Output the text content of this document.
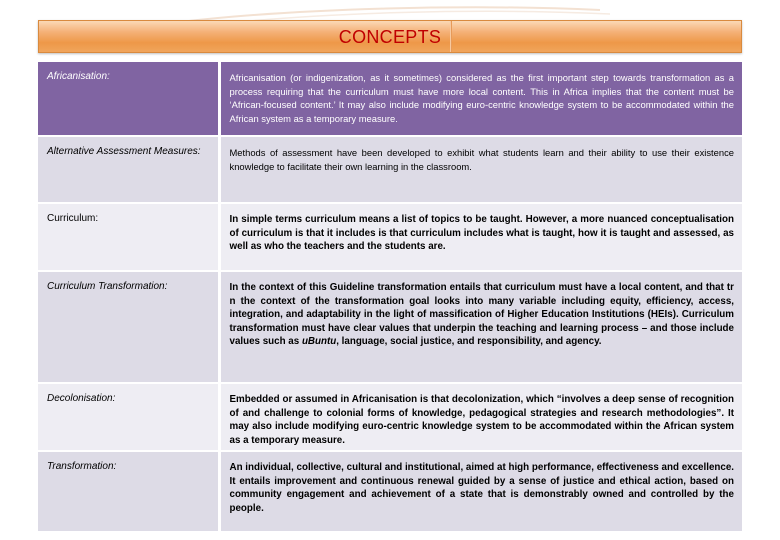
CONCEPTS
Africanisation:	Africanisation (or indigenization, as it sometimes) considered as the first important step towards transformation as a process requiring that the curriculum must have more local content. This in Africa implies that the content must be ‘African-focused content.’ It may also include modifying euro-centric knowledge system to be accommodated within the African system as a temporary measure.

Alternative Assessment Measures:	Methods of assessment have been developed to exhibit what students learn and their ability to use their existence knowledge to facilitate their own learning in the classroom.

Curriculum:	In simple terms curriculum means a list of topics to be taught. However, a more nuanced conceptualisation of curriculum is that it includes is that curriculum includes what is taught, how it is taught and assessed, as well as who the teachers and the students are.

Curriculum Transformation:	In the context of this Guideline transformation entails that curriculum must have a local content, and that tr n the context of the transformation goal looks into many variable including equity, efficiency, access, integration, and adaptability in the light of massification of Higher Education Institutions (HEIs). Curriculum transformation must have clear values that underpin the teaching and learning process – and those include values such as uBuntu, language, social justice, and responsibility, and agency.

Decolonisation:	Embedded or assumed in Africanisation is that decolonization, which “involves a deep sense of recognition of and challenge to colonial forms of knowledge, pedagogical strategies and research methodologies”. It may also include modifying euro-centric knowledge system to be accommodated within the African system as a temporary measure.

Transformation:	An individual, collective, cultural and institutional, aimed at high performance, effectiveness and excellence. It entails improvement and continuous renewal guided by a sense of justice and ethical action, based on community engagement and achievement of a state that is demonstrably owned and controlled by the people.
